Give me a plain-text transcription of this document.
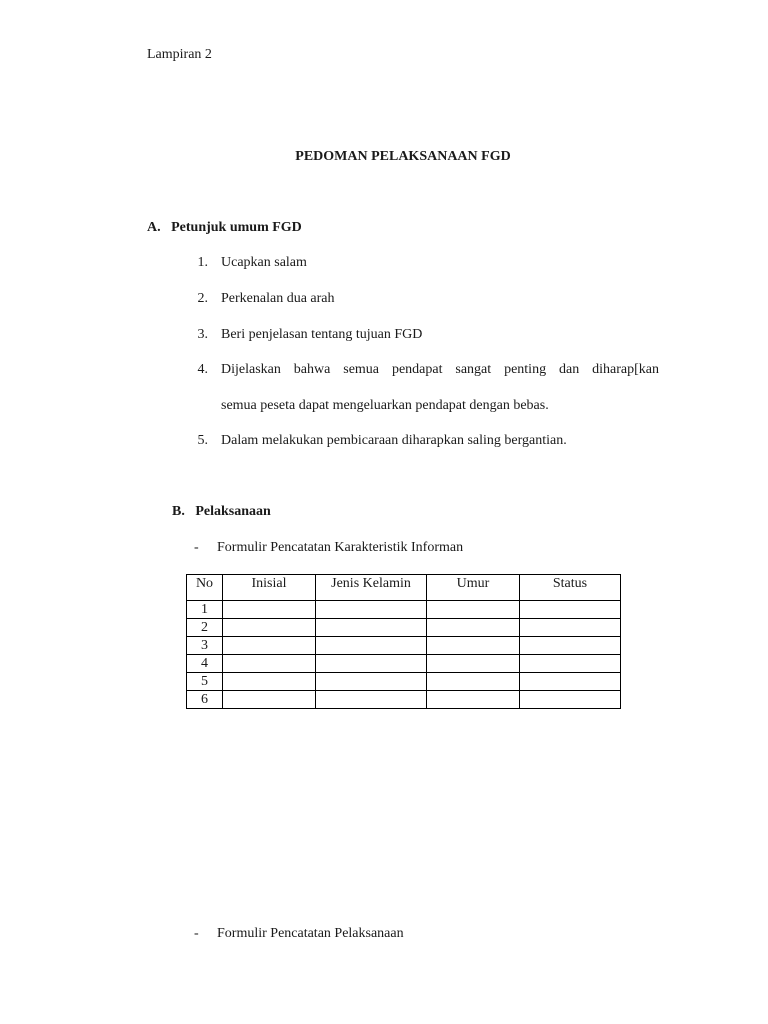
Lampiran 2
PEDOMAN PELAKSANAAN FGD
A.   Petunjuk umum FGD
1. Ucapkan salam
2. Perkenalan dua arah
3. Beri penjelasan tentang tujuan FGD
4. Dijelaskan bahwa semua pendapat sangat penting dan diharap[kan
semua peseta dapat mengeluarkan pendapat dengan bebas.
5. Dalam melakukan pembicaraan diharapkan saling bergantian.
B.   Pelaksanaan
- Formulir Pencatatan Karakteristik Informan
No	Inisial	Jenis Kelamin	Umur	Status
1				
2				
3				
4				
5				
6				
- Formulir Pencatatan Pelaksanaan
